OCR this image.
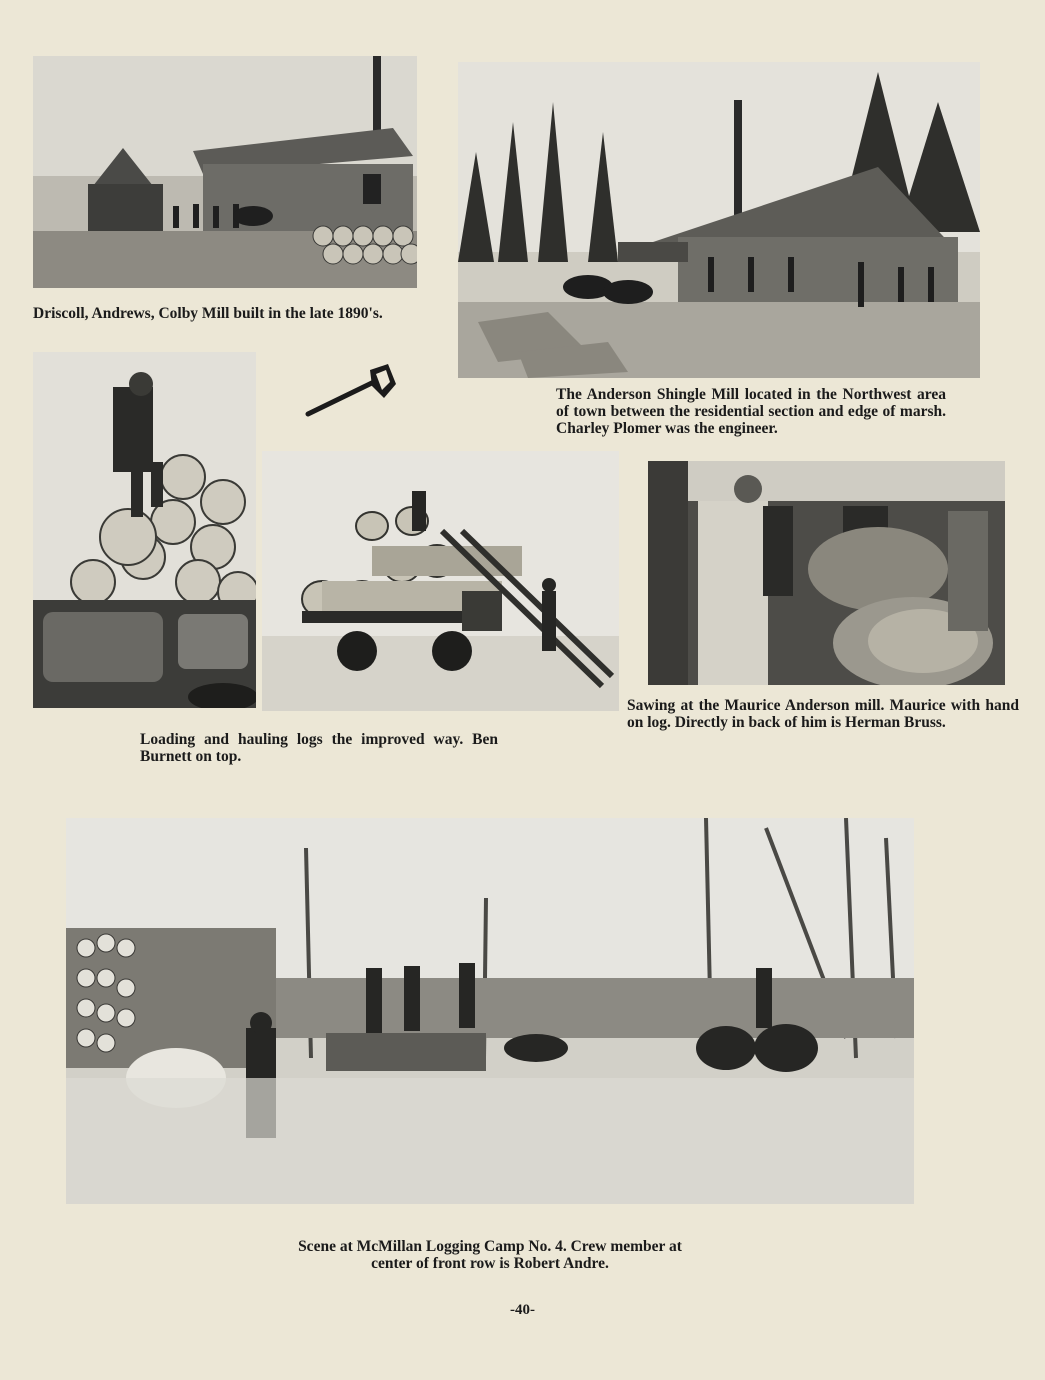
Driscoll, Andrews, Colby Mill built in the late 1890's.
The Anderson Shingle Mill located in the Northwest area of town between the residential section and edge of marsh. Charley Plomer was the engineer.
Sawing at the Maurice Anderson mill. Maurice with hand on log. Directly in back of him is Herman Bruss.
Loading and hauling logs the improved way. Ben Burnett on top.
Scene at McMillan Logging Camp No. 4. Crew member at center of front row is Robert Andre.
-40-
